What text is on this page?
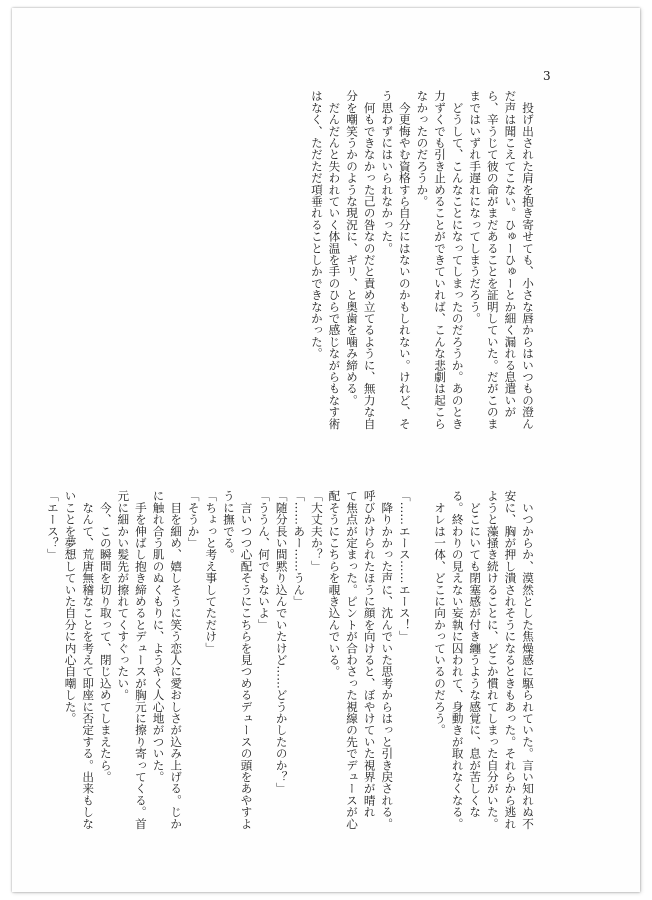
3
　投げ出された肩を抱き寄せても、小さな唇からはいつもの澄ん
だ声は聞こえてこない。ひゅーひゅーとか細く漏れる息遣いが
ら、辛うじて彼の命がまだあることを証明していた。だがこのま
まではいずれ手遅れになってしまうだろう。
　どうして、こんなことになってしまったのだろうか。あのとき
力ずくでも引き止めることができていれば、こんな悲劇は起こら
なかったのだろうか。
　今更悔やむ資格すら自分にはないのかもしれない。けれど、そ
う思わずにはいられなかった。
　何もできなかった己の咎なのだと責め立てるように、無力な自
分を嘲笑うかのような現況に、ギリ、と奥歯を噛み締める。
　だんだんと失われていく体温を手のひらで感じながらもなす術
はなく、ただただ項垂れることしかできなかった。
　いつからか、漠然とした焦燥感に駆られていた。言い知れぬ不
安に、胸が押し潰されそうになるときもあった。それらから逃れ
ようと藻掻き続けることに、どこか慣れてしまった自分がいた。
　どこにいても閉塞感が付き纏うような感覚に、息が苦しくな
る。終わりの見えない妄執に囚われて、身動きが取れなくなる。
　オレは一体、どこに向かっているのだろう。

「……エース……エース！」
　降りかかった声に、沈んでいた思考からはっと引き戻される。
呼びかけられたほうに顔を向けると、ぼやけていた視界が晴れ
て焦点が定まった。ピントが合わさった視線の先でデュースが心
配そうにこちらを覗き込んでいる。
「大丈夫か？」
「……あー……うん」
「随分長い間黙り込んでいたけど……どうかしたのか？」
「ううん、何でもないよ」
　言いつつ心配そうにこちらを見つめるデュースの頭をあやすよ
うに撫でる。
「ちょっと考え事してただけ」
「そうか」
　目を細め、嬉しそうに笑う恋人に愛おしさが込み上げる。じか
に触れ合う肌のぬくもりに、ようやく人心地がついた。
　手を伸ばし抱き締めるとデュースが胸元に擦り寄ってくる。首
元に細かい髪先が擦れてくすぐったい。
　今、この瞬間を切り取って、閉じ込めてしまえたら。
　なんて、荒唐無稽なことを考えて即座に否定する。出来もしな
いことを夢想していた自分に内心自嘲した。
「エース？」
